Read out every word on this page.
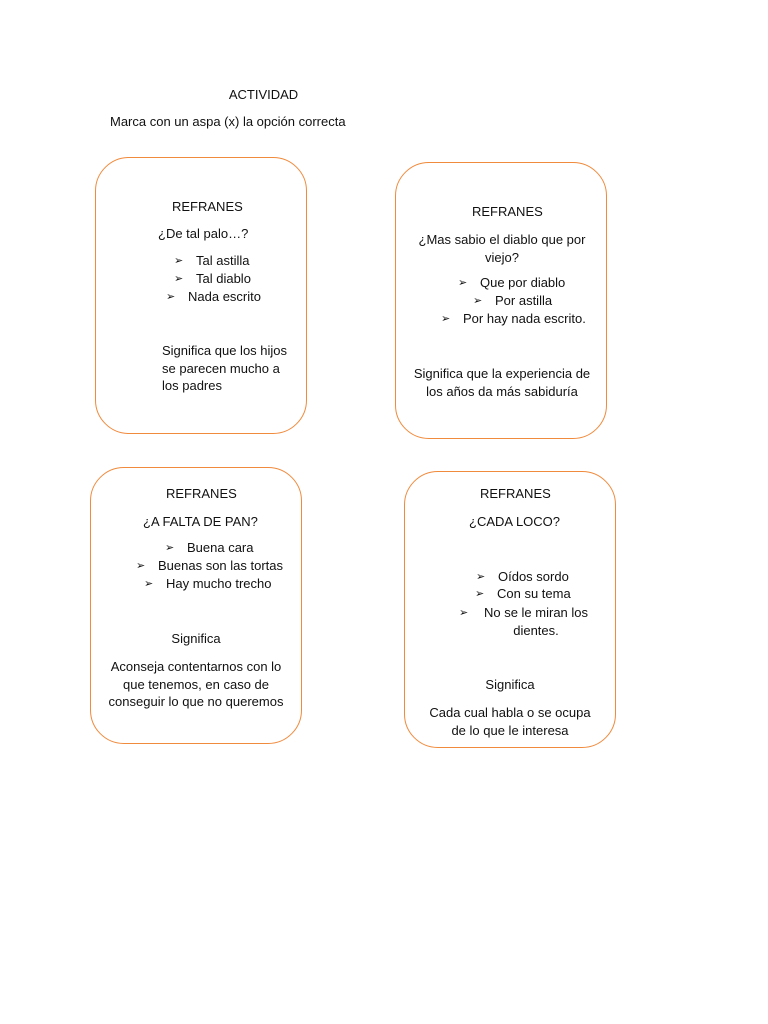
ACTIVIDAD
Marca con un aspa (x) la opción correcta
REFRANES
¿De tal palo…?
➢ Tal astilla
➢ Tal diablo
➢ Nada escrito
Significa que los hijos se parecen mucho a los padres
REFRANES
¿Mas sabio el diablo que por viejo?
➢ Que por diablo
➢ Por astilla
➢ Por hay nada escrito.
Significa que la experiencia de los años da más sabiduría
REFRANES
¿A FALTA DE PAN?
➢ Buena cara
➢ Buenas son las tortas
➢ Hay mucho trecho
Significa
Aconseja contentarnos con lo que tenemos, en caso de conseguir lo que no queremos
REFRANES
¿CADA LOCO?
➢ Oídos sordo
➢ Con su tema
➢	No se le miran los dientes.
Significa
Cada cual habla o se ocupa de lo que le interesa
